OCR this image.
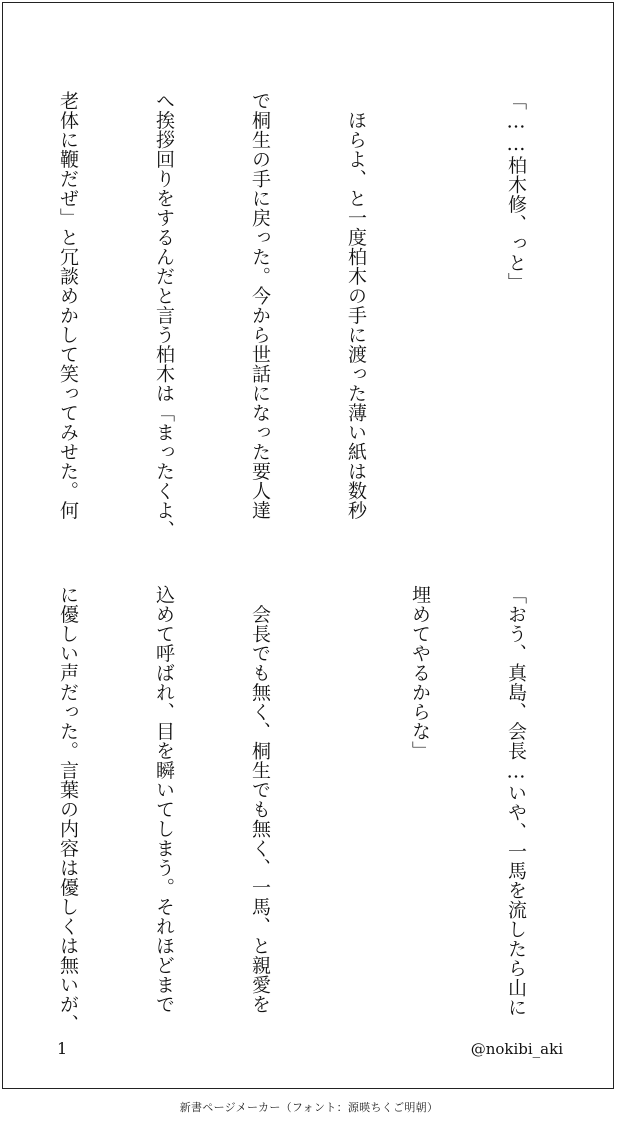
「……柏木修、っと」

　ほらよ、と一度柏木の手に渡った薄い紙は数秒

で桐生の手に戻った。今から世話になった要人達

へ挨拶回りをするんだと言う柏木は「まったくよ、

老体に鞭だぜ」と冗談めかして笑ってみせた。何

「おう、真島、会長…いや、一馬を流したら山に

埋めてやるからな」

　会長でも無く、桐生でも無く、一馬、と親愛を

込めて呼ばれ、目を瞬いてしまう。それほどまで

に優しい声だった。言葉の内容は優しくは無いが、

1	@nokibi_aki
新書ページメーカー（フォント：源暎ちくご明朝）
